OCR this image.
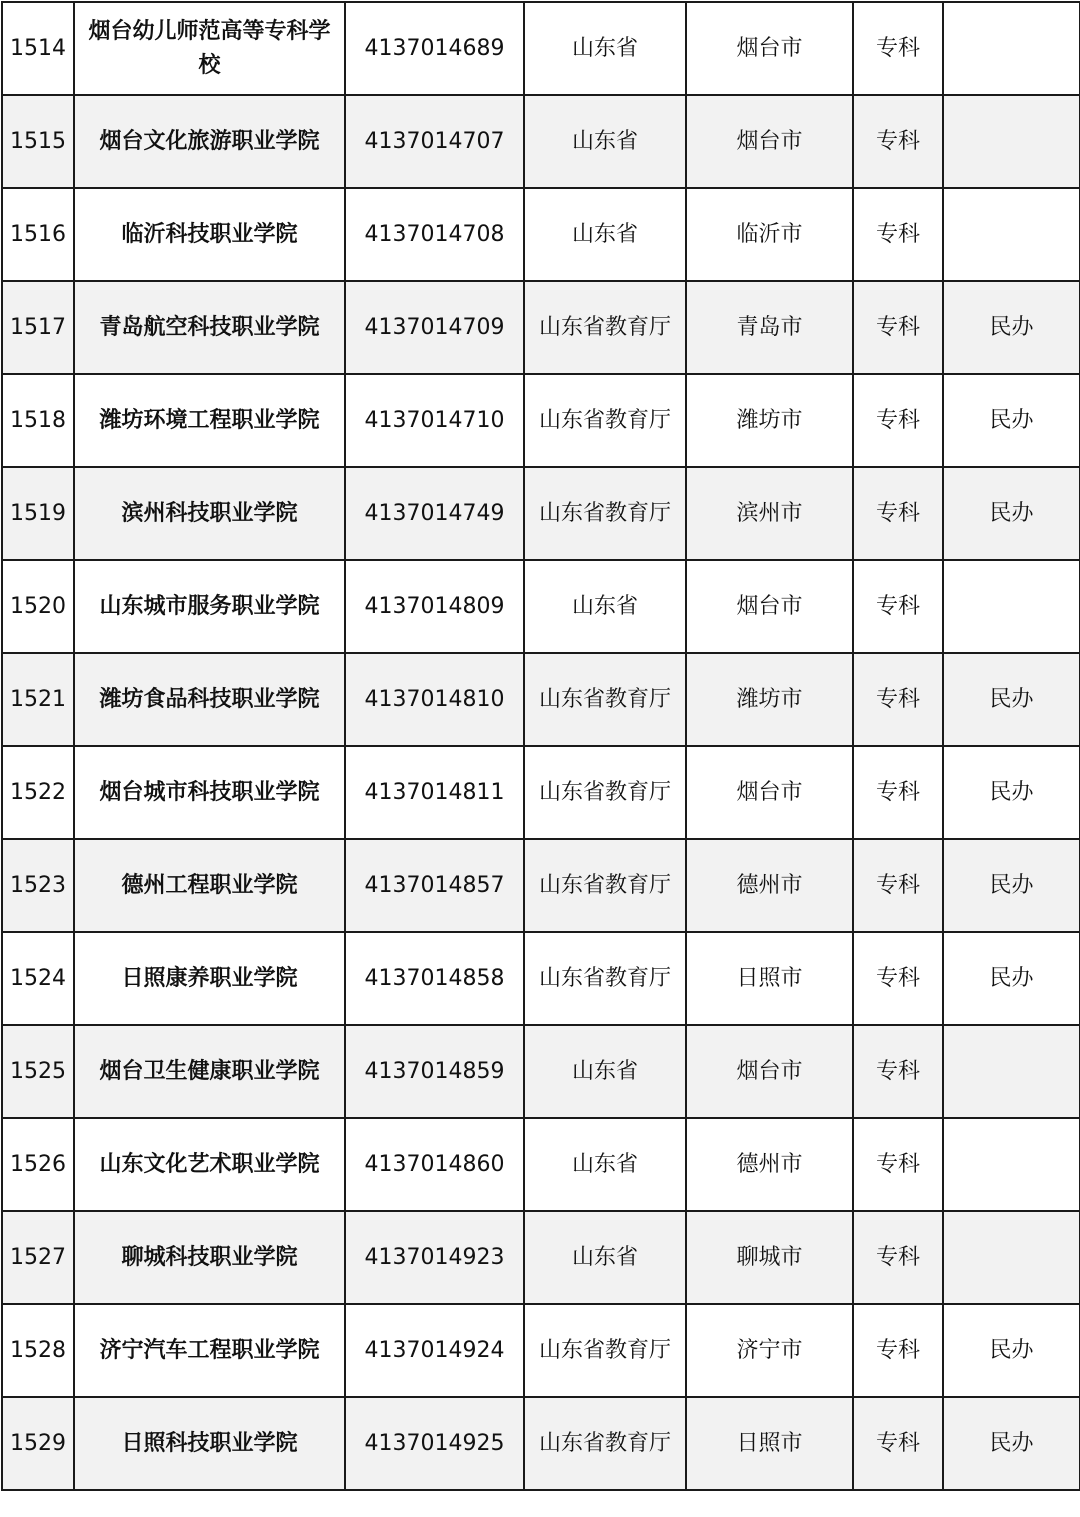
1514	烟台幼儿师范高等专科学校	4137014689	山东省	烟台市	专科	
1515	烟台文化旅游职业学院	4137014707	山东省	烟台市	专科	
1516	临沂科技职业学院	4137014708	山东省	临沂市	专科	
1517	青岛航空科技职业学院	4137014709	山东省教育厅	青岛市	专科	民办
1518	潍坊环境工程职业学院	4137014710	山东省教育厅	潍坊市	专科	民办
1519	滨州科技职业学院	4137014749	山东省教育厅	滨州市	专科	民办
1520	山东城市服务职业学院	4137014809	山东省	烟台市	专科	
1521	潍坊食品科技职业学院	4137014810	山东省教育厅	潍坊市	专科	民办
1522	烟台城市科技职业学院	4137014811	山东省教育厅	烟台市	专科	民办
1523	德州工程职业学院	4137014857	山东省教育厅	德州市	专科	民办
1524	日照康养职业学院	4137014858	山东省教育厅	日照市	专科	民办
1525	烟台卫生健康职业学院	4137014859	山东省	烟台市	专科	
1526	山东文化艺术职业学院	4137014860	山东省	德州市	专科	
1527	聊城科技职业学院	4137014923	山东省	聊城市	专科	
1528	济宁汽车工程职业学院	4137014924	山东省教育厅	济宁市	专科	民办
1529	日照科技职业学院	4137014925	山东省教育厅	日照市	专科	民办
